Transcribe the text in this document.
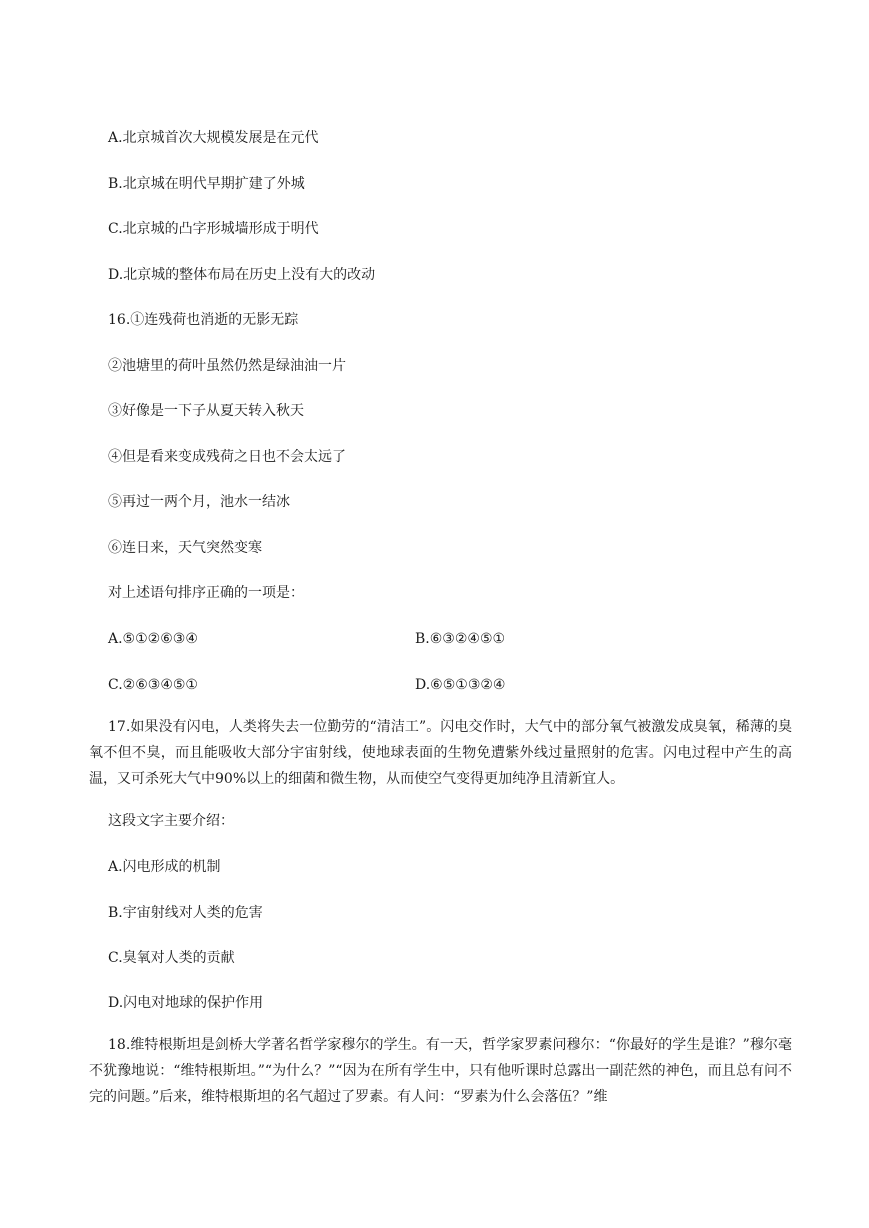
A.北京城首次大规模发展是在元代
B.北京城在明代早期扩建了外城
C.北京城的凸字形城墙形成于明代
D.北京城的整体布局在历史上没有大的改动
16.①连残荷也消逝的无影无踪
②池塘里的荷叶虽然仍然是绿油油一片
③好像是一下子从夏天转入秋天
④但是看来变成残荷之日也不会太远了
⑤再过一两个月，池水一结冰
⑥连日来，天气突然变寒
对上述语句排序正确的一项是：
A.⑤①②⑥③④	B.⑥③②④⑤①
C.②⑥③④⑤①	D.⑥⑤①③②④
17.如果没有闪电，人类将失去一位勤劳的“清洁工”。闪电交作时，大气中的部分氧气被激发成臭氧，稀薄的臭氧不但不臭，而且能吸收大部分宇宙射线，使地球表面的生物免遭紫外线过量照射的危害。闪电过程中产生的高温，又可杀死大气中90%以上的细菌和微生物，从而使空气变得更加纯净且清新宜人。
这段文字主要介绍：
A.闪电形成的机制
B.宇宙射线对人类的危害
C.臭氧对人类的贡献
D.闪电对地球的保护作用
18.维特根斯坦是剑桥大学著名哲学家穆尔的学生。有一天，哲学家罗素问穆尔：“你最好的学生是谁？”穆尔毫不犹豫地说：“维特根斯坦。”“为什么？”“因为在所有学生中，只有他听课时总露出一副茫然的神色，而且总有问不完的问题。”后来，维特根斯坦的名气超过了罗素。有人问：“罗素为什么会落伍？”维
